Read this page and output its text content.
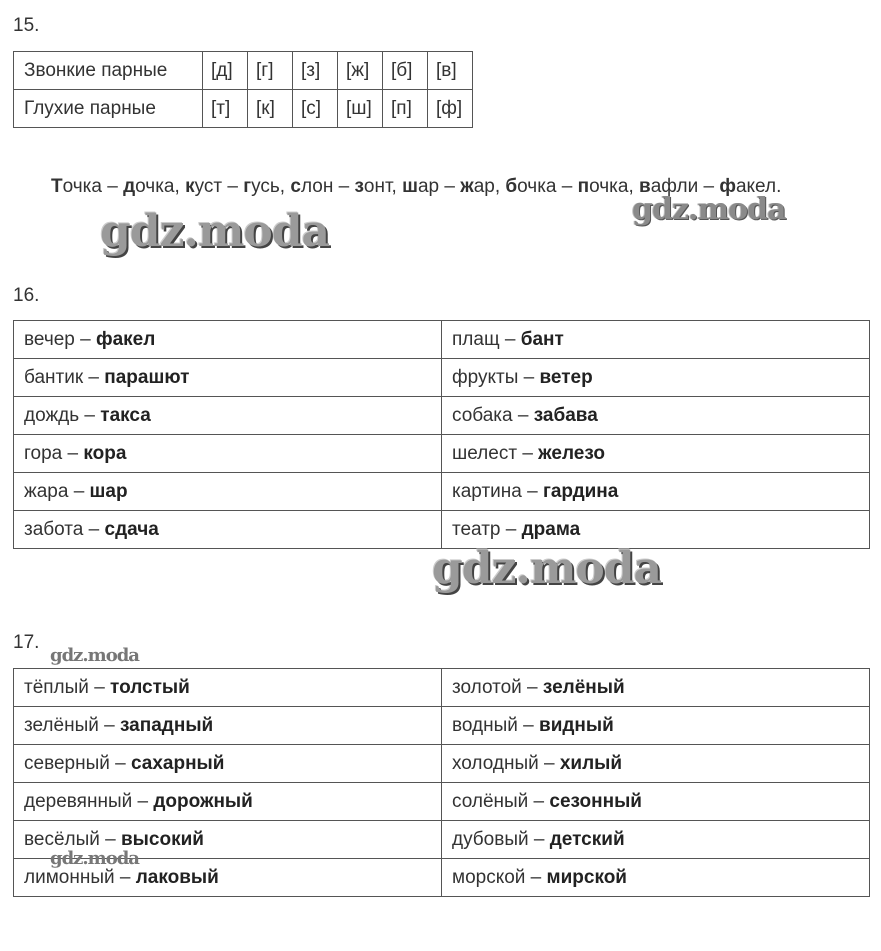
15.
Звонкие парные	[д]	[г]	[з]	[ж]	[б]	[в]
Глухие парные	[т]	[к]	[с]	[ш]	[п]	[ф]
Точка – дочка, куст – гусь, слон – зонт, шар – жар, бочка – почка, вафли – факел.
16.
вечер – факел	плащ – бант
бантик – парашют	фрукты – ветер
дождь – такса	собака – забава
гора – кора	шелест – железо
жара – шар	картина – гардина
забота – сдача	театр – драма
17.
тёплый – толстый	золотой – зелёный
зелёный – западный	водный – видный
северный – сахарный	холодный – хилый
деревянный – дорожный	солёный – сезонный
весёлый – высокий	дубовый – детский
лимонный – лаковый	морской – мирской
gdz.moda	gdz.moda
gdz.moda
gdz.moda
gdz.moda
